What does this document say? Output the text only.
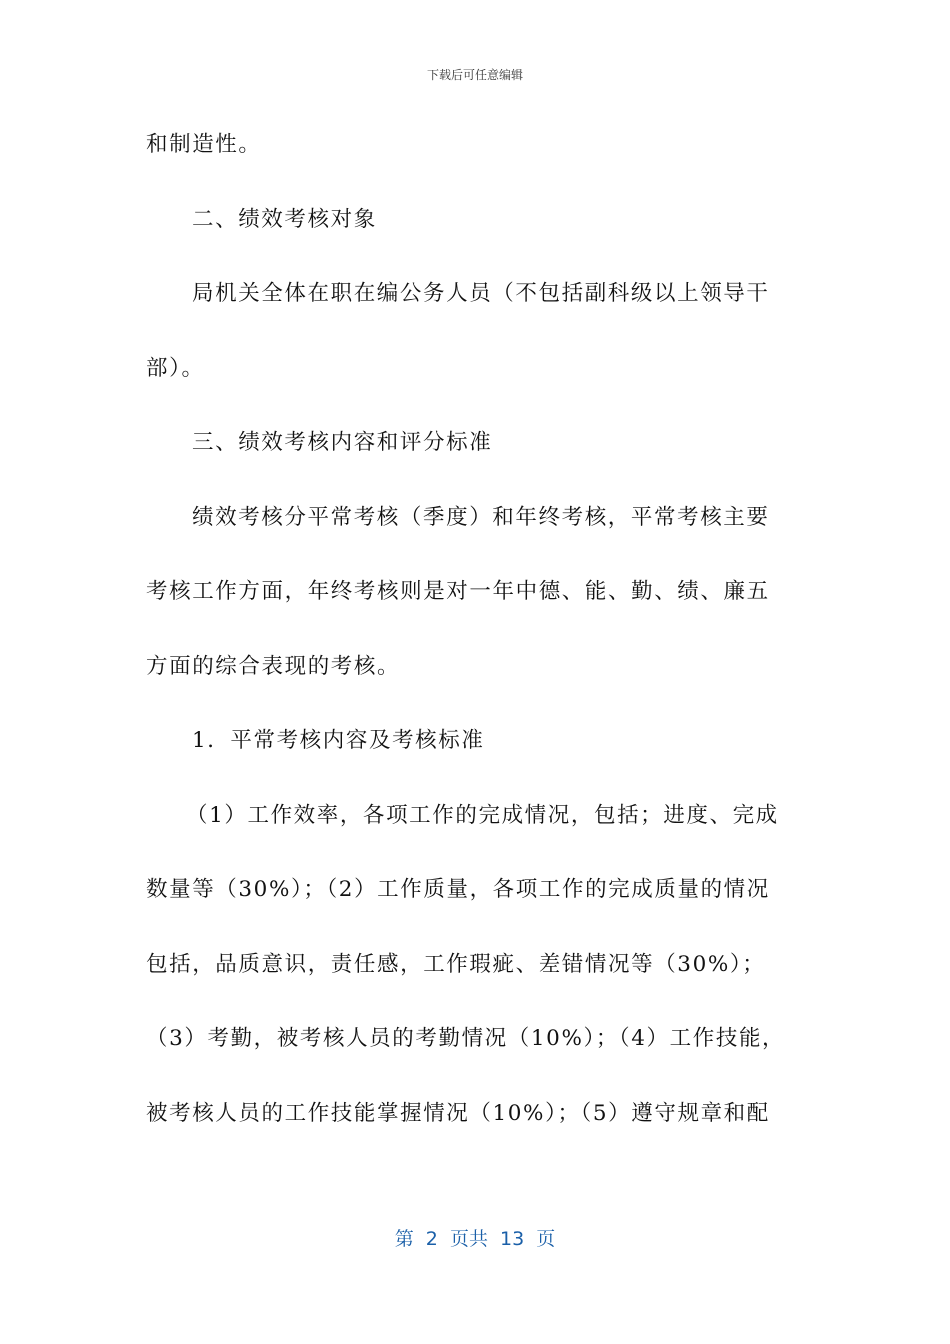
下载后可任意编辑
和制造性。
二、绩效考核对象
局机关全体在职在编公务人员（不包括副科级以上领导干
部）。
三、绩效考核内容和评分标准
绩效考核分平常考核（季度）和年终考核，平常考核主要
考核工作方面，年终考核则是对一年中德、能、勤、绩、廉五
方面的综合表现的考核。
1．平常考核内容及考核标准
（1）工作效率，各项工作的完成情况，包括；进度、完成
数量等（30%）；（2）工作质量，各项工作的完成质量的情况
包括，品质意识，责任感，工作瑕疵、差错情况等（30%）；
（3）考勤，被考核人员的考勤情况（10%）；（4）工作技能，
被考核人员的工作技能掌握情况（10%）；（5）遵守规章和配
第  2  页共  13  页
